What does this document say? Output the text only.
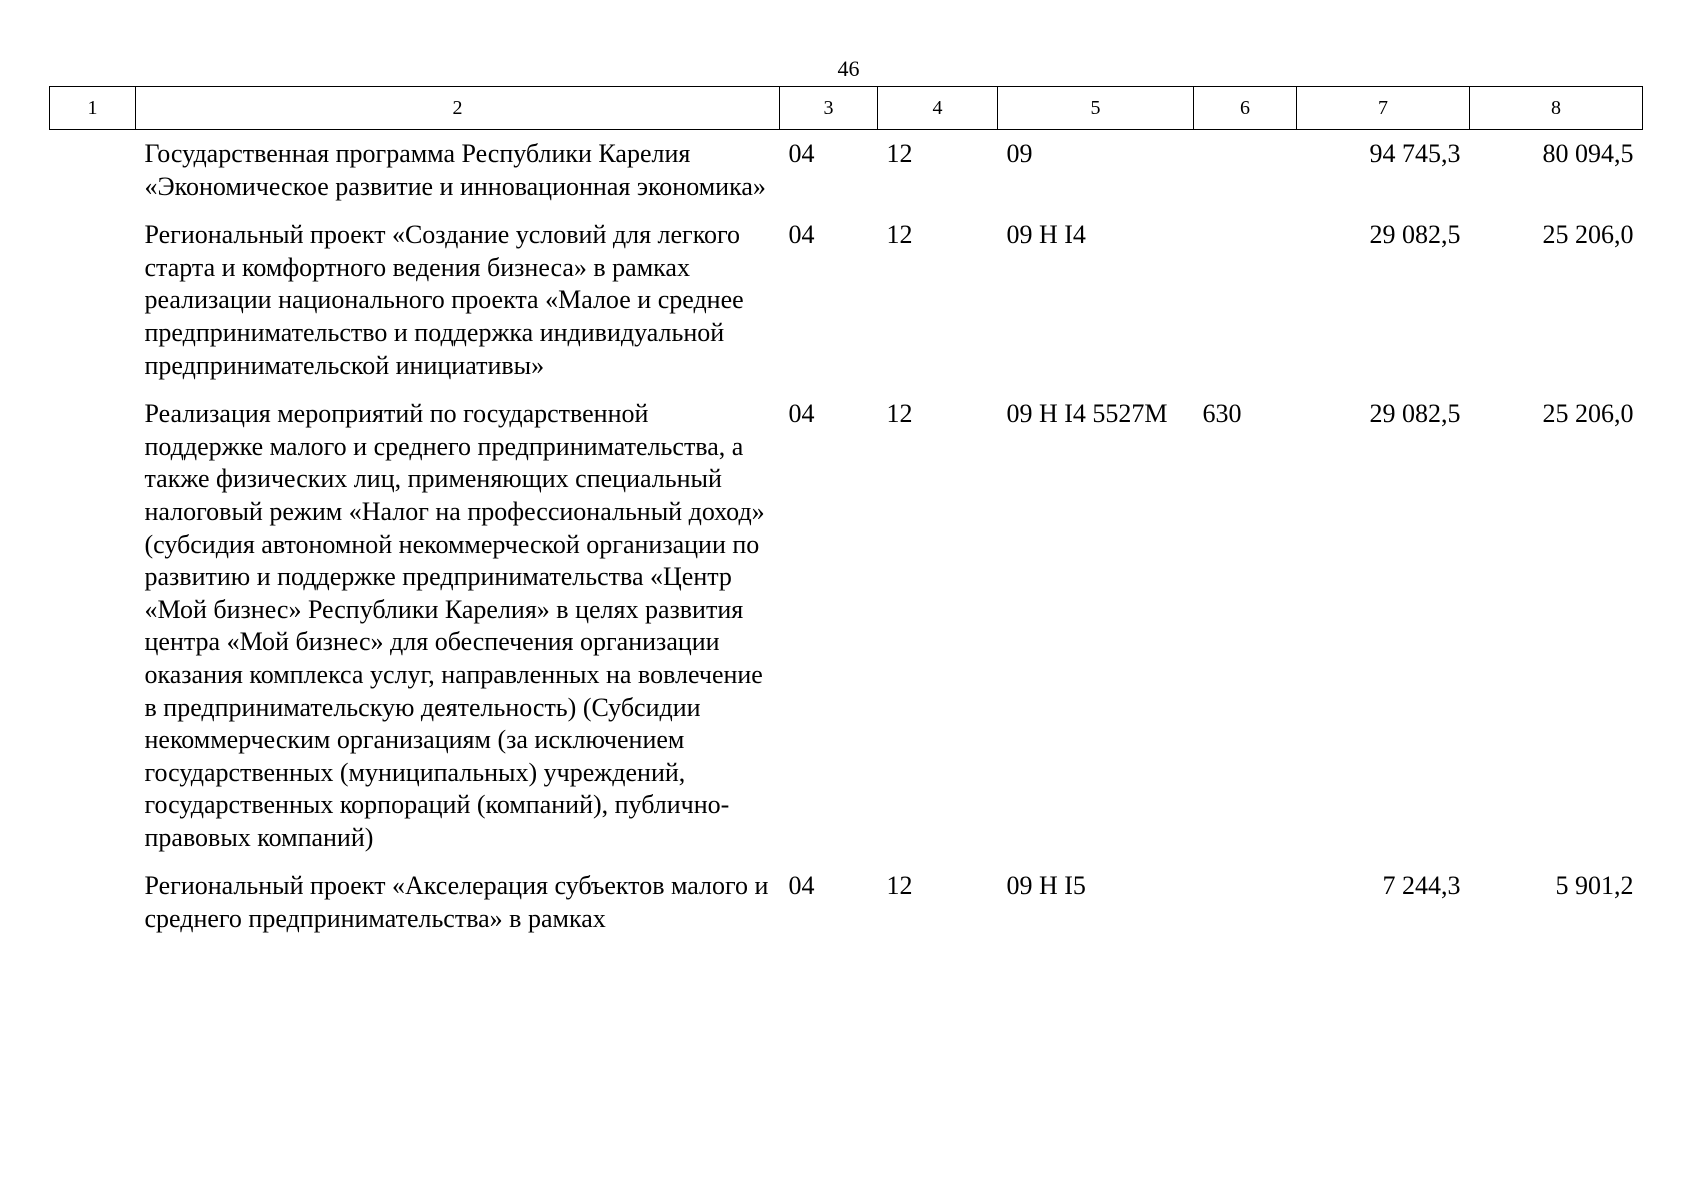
46
1	2	3	4	5	6	7	8
	Государственная программа Республики Карелия «Экономическое развитие и инновационная экономика»	04	12	09		94 745,3	80 094,5
	Региональный проект «Создание условий для легкого старта и комфортного ведения бизнеса» в рамках реализации национального проекта «Малое и среднее предпринимательство и поддержка индивидуальной предпринимательской инициативы»	04	12	09 Н I4		29 082,5	25 206,0
	Реализация мероприятий по государственной поддержке малого и среднего предпринимательства, а также физических лиц, применяющих специальный налоговый режим «Налог на профессиональный доход» (субсидия автономной некоммерческой организации по развитию и поддержке предпринимательства «Центр «Мой бизнес» Республики Карелия» в целях развития центра «Мой бизнес» для обеспечения организации оказания комплекса услуг, направленных на вовлечение в предпринимательскую деятельность) (Субсидии некоммерческим организациям (за исключением государственных (муниципальных) учреждений, государственных корпораций (компаний), публично-правовых компаний)	04	12	09 Н I4 5527М	630	29 082,5	25 206,0
	Региональный проект «Акселерация субъектов малого и среднего предпринимательства» в рамках	04	12	09 Н I5		7 244,3	5 901,2
